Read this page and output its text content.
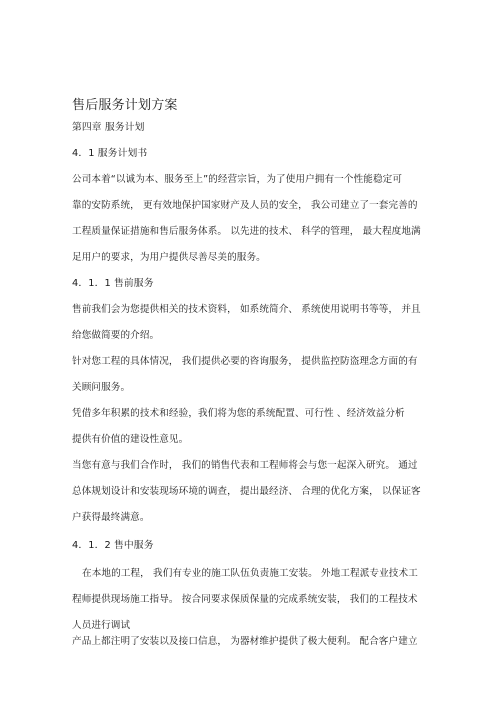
售后服务计划方案
第四章 服务计划
4．1 服务计划书
公司本着“以诚为本、服务至上”的经营宗旨，为了使用户拥有一个性能稳定可
靠的安防系统， 更有效地保护国家财产及人员的安全， 我公司建立了一套完善的
工程质量保证措施和售后服务体系。 以先进的技术、 科学的管理， 最大程度地满
足用户的要求，为用户提供尽善尽美的服务。
4．1．1 售前服务
售前我们会为您提供相关的技术资料， 如系统简介、 系统使用说明书等等， 并且
给您做简要的介绍。
针对您工程的具体情况， 我们提供必要的咨询服务， 提供监控防盗理念方面的有
关顾问服务。
凭借多年积累的技术和经验，我们将为您的系统配置、可行性 、经济效益分析
提供有价值的建设性意见。
当您有意与我们合作时， 我们的销售代表和工程师将会与您一起深入研究。 通过
总体规划设计和安装现场环境的调查， 提出最经济、 合理的优化方案， 以保证客
户获得最终满意。
4．1．2 售中服务
在本地的工程， 我们有专业的施工队伍负责施工安装。 外地工程派专业技术工
程师提供现场施工指导。 按合同要求保质保量的完成系统安装， 我们的工程技术
人员进行调试
产品上都注明了安装以及接口信息， 为器材维护提供了极大便利。 配合客户建立
